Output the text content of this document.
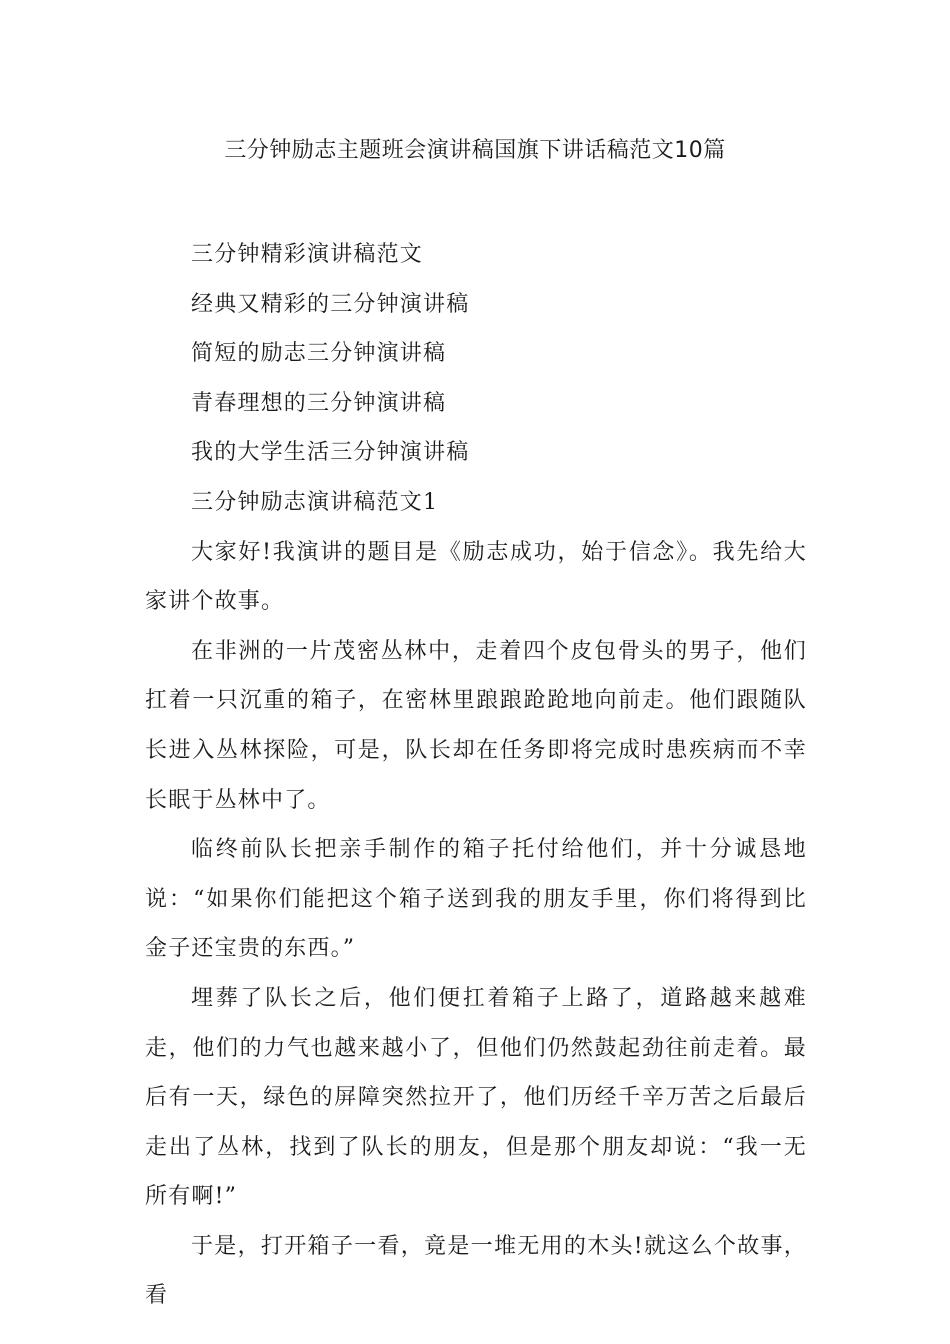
三分钟励志主题班会演讲稿国旗下讲话稿范文10篇

三分钟精彩演讲稿范文

经典又精彩的三分钟演讲稿

简短的励志三分钟演讲稿

青春理想的三分钟演讲稿

我的大学生活三分钟演讲稿

三分钟励志演讲稿范文1

大家好!我演讲的题目是《励志成功，始于信念》。我先给大家讲个故事。

在非洲的一片茂密丛林中，走着四个皮包骨头的男子，他们扛着一只沉重的箱子，在密林里踉踉跄跄地向前走。他们跟随队长进入丛林探险，可是，队长却在任务即将完成时患疾病而不幸长眠于丛林中了。

临终前队长把亲手制作的箱子托付给他们，并十分诚恳地说：“如果你们能把这个箱子送到我的朋友手里，你们将得到比金子还宝贵的东西。”

埋葬了队长之后，他们便扛着箱子上路了，道路越来越难走，他们的力气也越来越小了，但他们仍然鼓起劲往前走着。最后有一天，绿色的屏障突然拉开了，他们历经千辛万苦之后最后走出了丛林，找到了队长的朋友，但是那个朋友却说：“我一无所有啊!”

于是，打开箱子一看，竟是一堆无用的木头!就这么个故事，看
